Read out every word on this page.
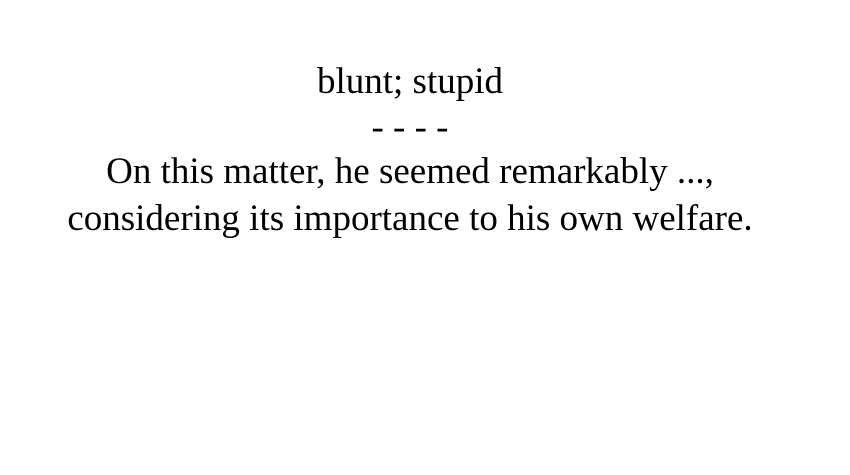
blunt; stupid
- - - -
On this matter, he seemed remarkably ...,
considering its importance to his own welfare.
